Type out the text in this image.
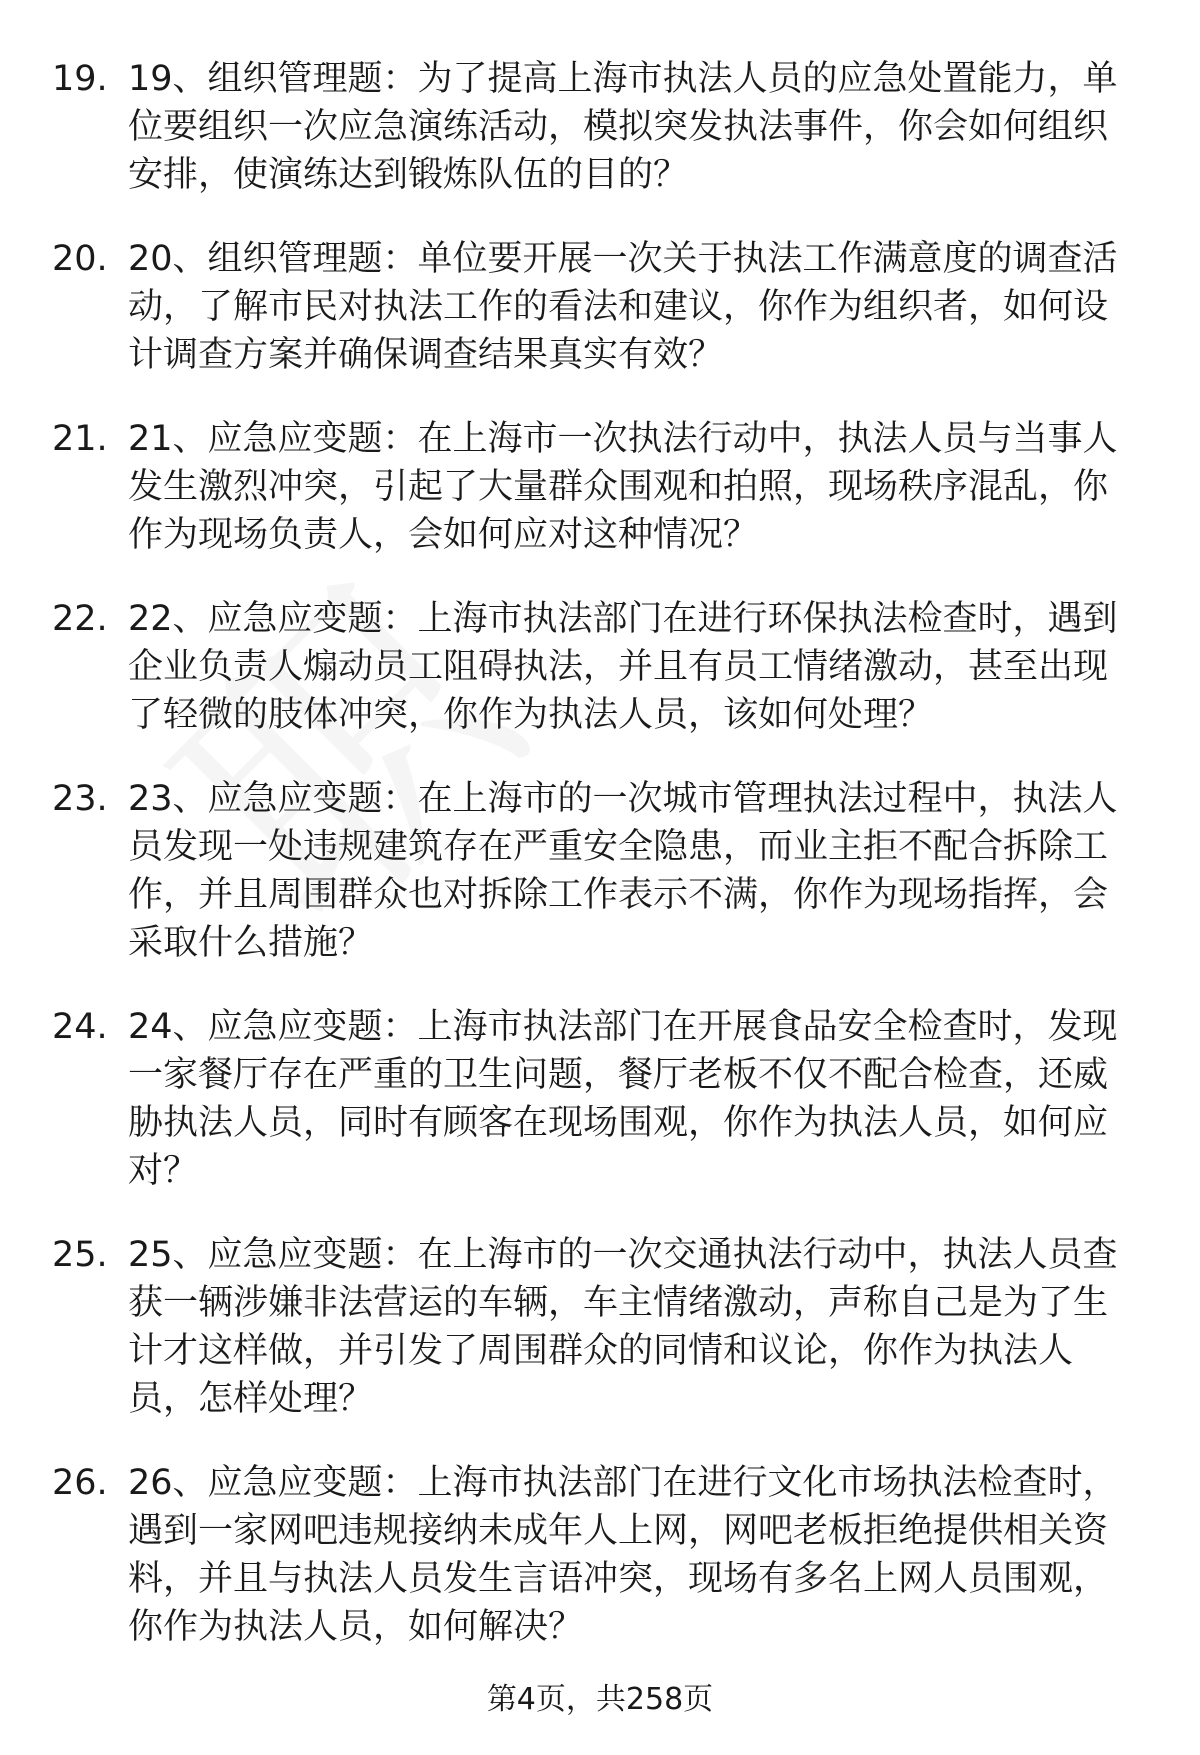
19. 19、组织管理题：为了提高上海市执法人员的应急处置能力，单位要组织一次应急演练活动，模拟突发执法事件，你会如何组织安排，使演练达到锻炼队伍的目的？
20. 20、组织管理题：单位要开展一次关于执法工作满意度的调查活动，了解市民对执法工作的看法和建议，你作为组织者，如何设计调查方案并确保调查结果真实有效？
21. 21、应急应变题：在上海市一次执法行动中，执法人员与当事人发生激烈冲突，引起了大量群众围观和拍照，现场秩序混乱，你作为现场负责人，会如何应对这种情况？
22. 22、应急应变题：上海市执法部门在进行环保执法检查时，遇到企业负责人煽动员工阻碍执法，并且有员工情绪激动，甚至出现了轻微的肢体冲突，你作为执法人员，该如何处理？
23. 23、应急应变题：在上海市的一次城市管理执法过程中，执法人员发现一处违规建筑存在严重安全隐患，而业主拒不配合拆除工作，并且周围群众也对拆除工作表示不满，你作为现场指挥，会采取什么措施？
24. 24、应急应变题：上海市执法部门在开展食品安全检查时，发现一家餐厅存在严重的卫生问题，餐厅老板不仅不配合检查，还威胁执法人员，同时有顾客在现场围观，你作为执法人员，如何应对？
25. 25、应急应变题：在上海市的一次交通执法行动中，执法人员查获一辆涉嫌非法营运的车辆，车主情绪激动，声称自己是为了生计才这样做，并引发了周围群众的同情和议论，你作为执法人员，怎样处理？
26. 26、应急应变题：上海市执法部门在进行文化市场执法检查时，遇到一家网吧违规接纳未成年人上网，网吧老板拒绝提供相关资料，并且与执法人员发生言语冲突，现场有多名上网人员围观，你作为执法人员，如何解决？
第4页，共258页
